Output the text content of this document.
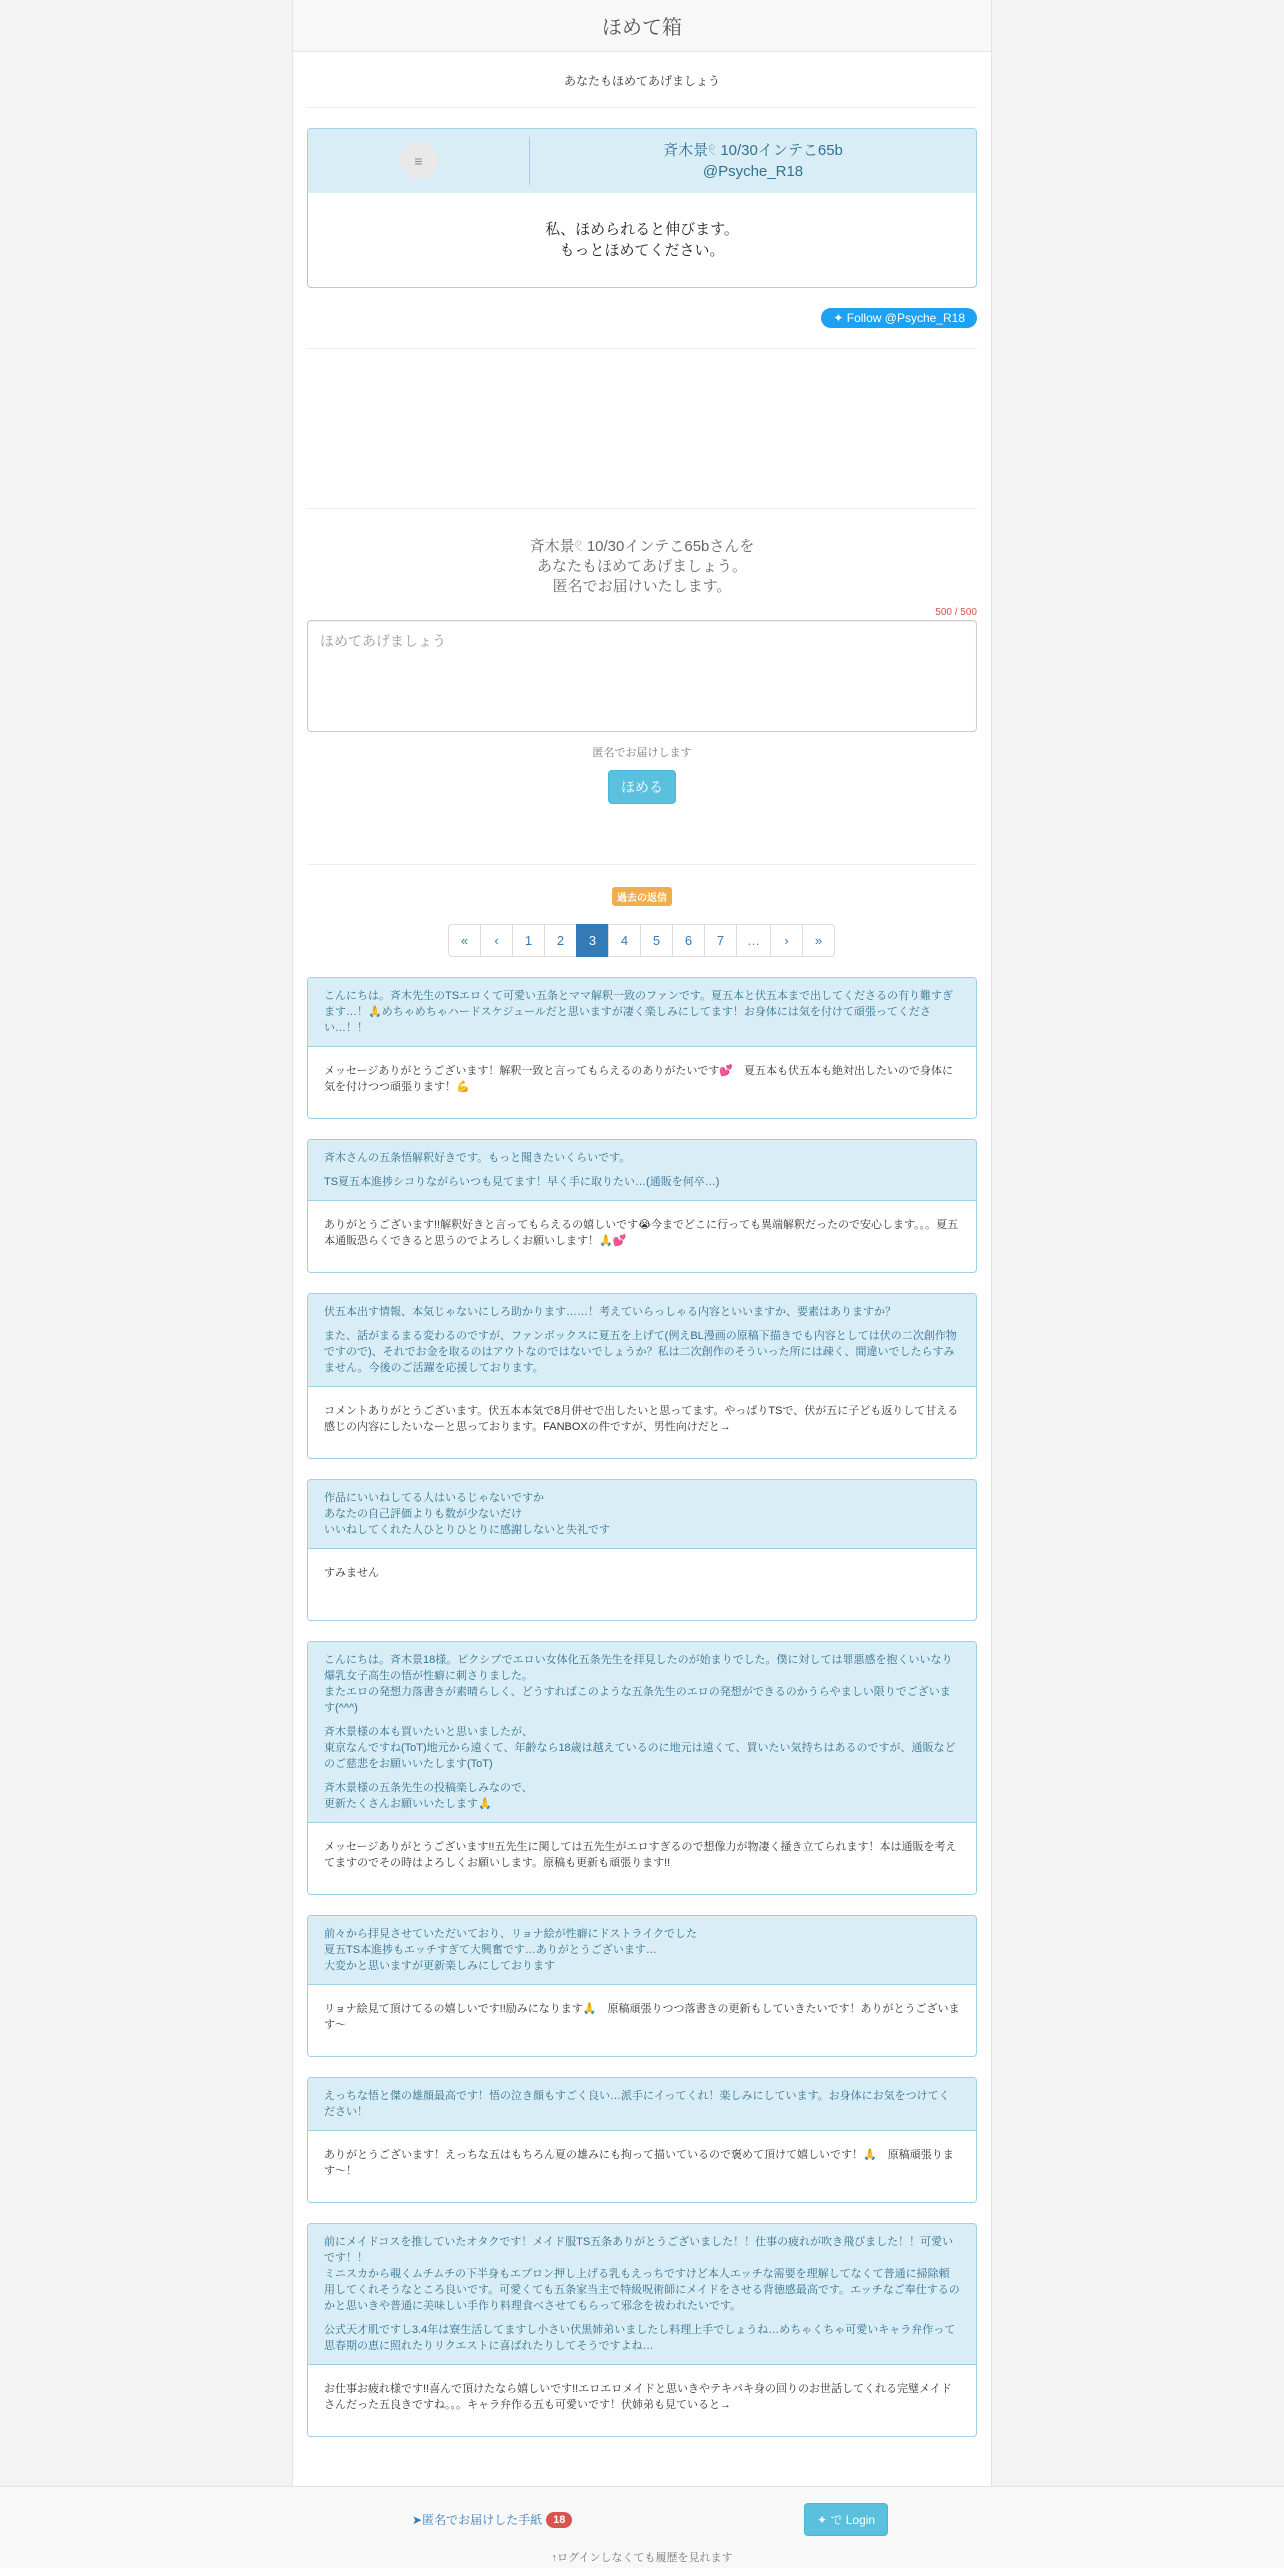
ほめて箱
あなたもほめてあげましょう
≡
斉木景𓏲 10/30インテこ65b
@Psyche_R18
私、ほめられると伸びます。
もっとほめてください。
✦ Follow @Psyche_R18
斉木景𓏲 10/30インテこ65bさんを
あなたもほめてあげましょう。
匿名でお届けいたします。
500 / 500
ほめてあげましょう
匿名でお届けします
ほめる
過去の返信
«	‹	1	2	3	4	5	6	7	…	›	»

こんにちは。斉木先生のTSエロくて可愛い五条とママ解釈一致のファンです。夏五本と伏五本まで出してくださるの有り難すぎます…！🙏めちゃめちゃハードスケジュールだと思いますが凄く楽しみにしてます！お身体には気を付けて頑張ってください…！！

メッセージありがとうございます！解釈一致と言ってもらえるのありがたいです💕　夏五本も伏五本も絶対出したいので身体に気を付けつつ頑張ります！💪

斉木さんの五条悟解釈好きです。もっと聞きたいくらいです。

TS夏五本進捗シコりながらいつも見てます！早く手に取りたい…(通販を何卒…)

ありがとうございます!!解釈好きと言ってもらえるの嬉しいです😭今までどこに行っても異端解釈だったので安心します。。。夏五本通販恐らくできると思うのでよろしくお願いします！🙏💕

伏五本出す情報、本気じゃないにしろ助かります……！考えていらっしゃる内容といいますか、要素はありますか？

また、話がまるまる変わるのですが、ファンボックスに夏五を上げて(例えBL漫画の原稿下描きでも内容としては伏の二次創作物ですので)、それでお金を取るのはアウトなのではないでしょうか？私は二次創作のそういった所には疎く、間違いでしたらすみません。今後のご活躍を応援しております。

コメントありがとうございます。伏五本本気で8月併せで出したいと思ってます。やっぱりTSで、伏が五に子ども返りして甘える感じの内容にしたいなーと思っております。FANBOXの件ですが、男性向けだと→

作品にいいねしてる人はいるじゃないですか
あなたの自己評価よりも数が少ないだけ
いいねしてくれた人ひとりひとりに感謝しないと失礼です

すみません

こんにちは。斉木景18様。ピクシブでエロい女体化五条先生を拝見したのが始まりでした。僕に対しては罪悪感を抱くいいなり爆乳女子高生の悟が性癖に刺さりました。
またエロの発想力落書きが素晴らしく、どうすればこのような五条先生のエロの発想ができるのかうらやましい限りでございます(^^^)

斉木景様の本も買いたいと思いましたが、
東京なんですね(ToT)地元から遠くて、年齢なら18歳は越えているのに地元は遠くて、買いたい気持ちはあるのですが、通販などのご慈悲をお願いいたします(ToT)

斉木景様の五条先生の投稿楽しみなので、
更新たくさんお願いいたします🙏

メッセージありがとうございます!!五先生に関しては五先生がエロすぎるので想像力が物凄く掻き立てられます！本は通販を考えてますのでその時はよろしくお願いします。原稿も更新も頑張ります!!

前々から拝見させていただいており、リョナ絵が性癖にドストライクでした
夏五TS本進捗もエッチすぎて大興奮です…ありがとうございます…
大変かと思いますが更新楽しみにしております

リョナ絵見て頂けてるの嬉しいです!!励みになります🙏　原稿頑張りつつ落書きの更新もしていきたいです！ありがとうございます〜

えっちな悟と傑の雄顔最高です！悟の泣き顔もすごく良い…派手にイってくれ！楽しみにしています。お身体にお気をつけてください！

ありがとうございます！えっちな五はもちろん夏の雄みにも拘って描いているので褒めて頂けて嬉しいです！🙏　原稿頑張ります〜！

前にメイドコスを推していたオタクです！メイド服TS五条ありがとうございました！！仕事の疲れが吹き飛びました！！可愛いです！！
ミニスカから覗くムチムチの下半身もエプロン押し上げる乳もえっちですけど本人エッチな需要を理解してなくて普通に掃除頼用してくれそうなところ良いです。可愛くても五条家当主で特級呪術師にメイドをさせる背徳感最高です。エッチなご奉仕するのかと思いきや普通に美味しい手作り料理食べさせてもらって邪念を祓われたいです。

公式天才肌ですし3.4年は寮生活してますし小さい伏黒姉弟いましたし料理上手でしょうね…めちゃくちゃ可愛いキャラ弁作って思春期の恵に照れたりリクエストに喜ばれたりしてそうですよね…

お仕事お疲れ様です!!喜んで頂けたなら嬉しいです!!エロエロメイドと思いきやテキパキ身の回りのお世話してくれる完璧メイドさんだった五良きですね。。。キャラ弁作る五も可愛いです！伏姉弟も見ていると→
➤ 匿名でお届けした手紙	18	✦ で Login
↑ログインしなくても履歴を見れます
